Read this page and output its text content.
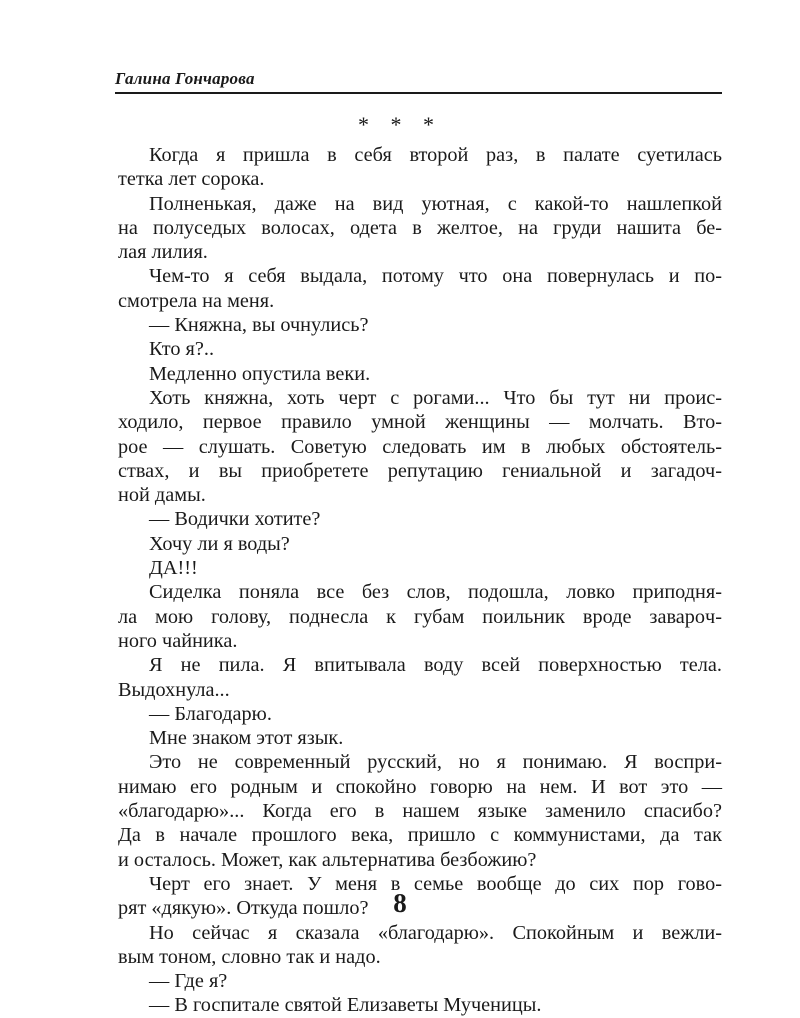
Галина Гончарова
* * *
Когда я пришла в себя второй раз, в палате суетилась
тетка лет сорока.
Полненькая, даже на вид уютная, с какой-то нашлепкой
на полуседых волосах, одета в желтое, на груди нашита бе-
лая лилия.
Чем-то я себя выдала, потому что она повернулась и по-
смотрела на меня.
— Княжна, вы очнулись?
Кто я?..
Медленно опустила веки.
Хоть княжна, хоть черт с рогами... Что бы тут ни проис-
ходило, первое правило умной женщины — молчать. Вто-
рое — слушать. Советую следовать им в любых обстоятель-
ствах, и вы приобретете репутацию гениальной и загадоч-
ной дамы.
— Водички хотите?
Хочу ли я воды?
ДА!!!
Сиделка поняла все без слов, подошла, ловко приподня-
ла мою голову, поднесла к губам поильник вроде заварoч-
ного чайника.
Я не пила. Я впитывала воду всей поверхностью тела.
Выдохнула...
— Благодарю.
Мне знаком этот язык.
Это не современный русский, но я понимаю. Я воспри-
нимаю его родным и спокойно говорю на нем. И вот это —
«благодарю»... Когда его в нашем языке заменило спасибо?
Да в начале прошлого века, пришло с коммунистами, да так
и осталось. Может, как альтернатива безбожию?
Черт его знает. У меня в семье вообще до сих пор гово-
рят «дякую». Откуда пошло?
Но сейчас я сказала «благодарю». Спокойным и вежли-
вым тоном, словно так и надо.
— Где я?
— В госпитале святой Елизаветы Мученицы.
8
